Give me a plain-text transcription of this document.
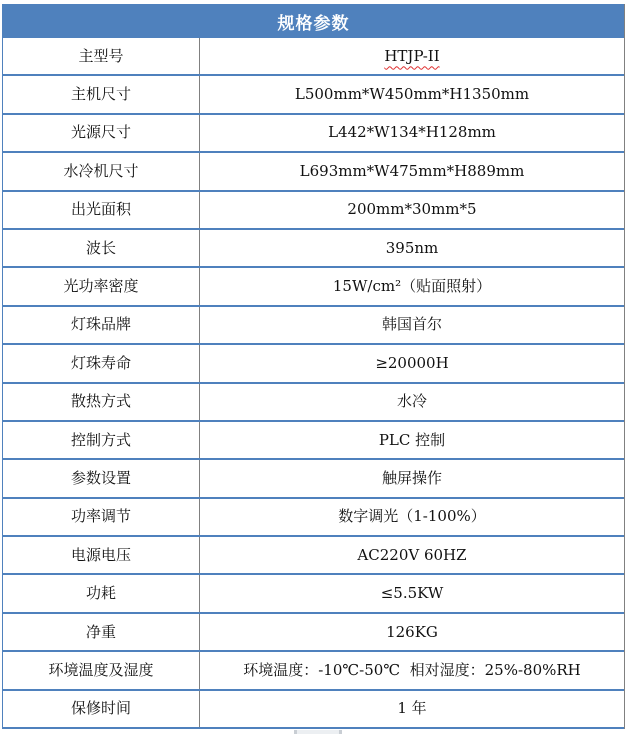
规格参数
主型号	HTJP-II
主机尺寸	L500mm*W450mm*H1350mm
光源尺寸	L442*W134*H128mm
水冷机尺寸	L693mm*W475mm*H889mm
出光面积	200mm*30mm*5
波长	395nm
光功率密度	15W/cm²（贴面照射）
灯珠品牌	韩国首尔
灯珠寿命	≥20000H
散热方式	水冷
控制方式	PLC 控制
参数设置	触屏操作
功率调节	数字调光（1-100%）
电源电压	AC220V 60HZ
功耗	≤5.5KW
净重	126KG
环境温度及湿度	环境温度：-10℃-50℃  相对湿度：25%-80%RH
保修时间	1 年
